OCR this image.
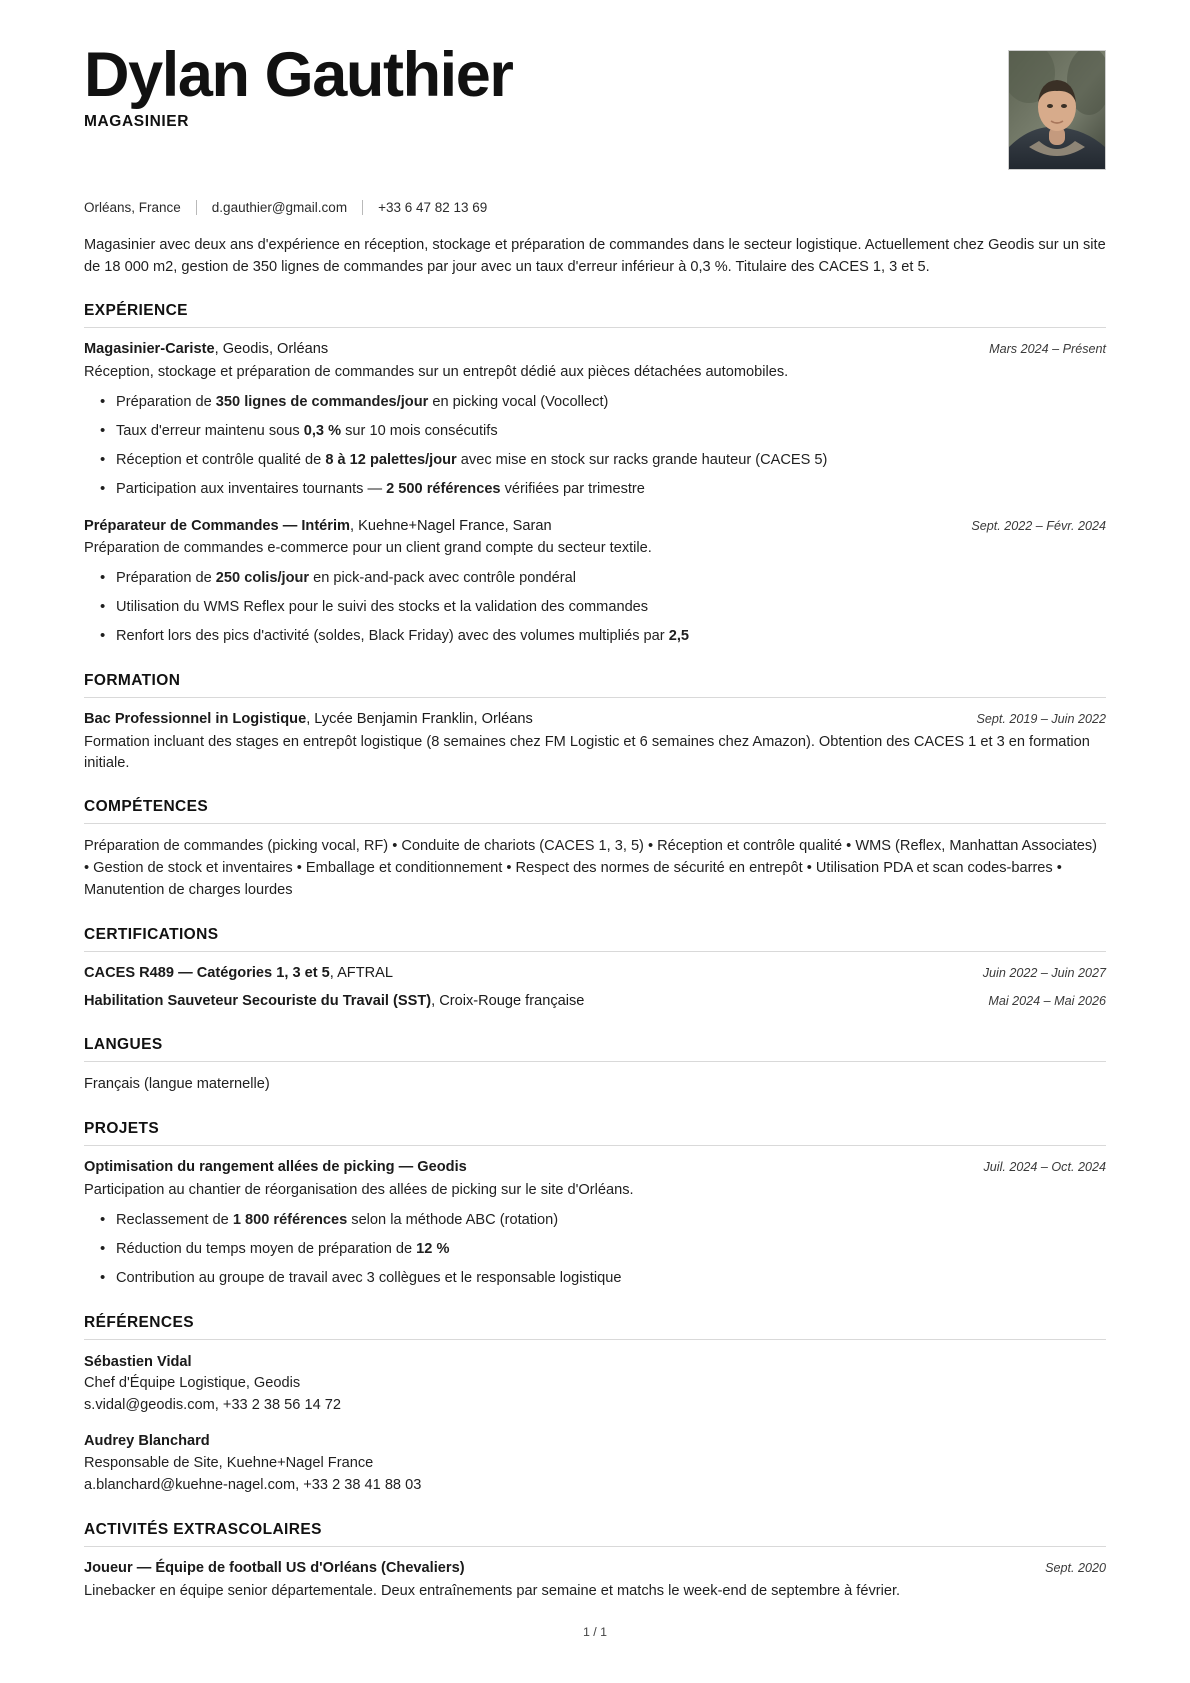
Dylan Gauthier
MAGASINIER
Orléans, France d.gauthier@gmail.com +33 6 47 82 13 69
Magasinier avec deux ans d'expérience en réception, stockage et préparation de commandes dans le secteur logistique. Actuellement chez Geodis sur un site de 18 000 m2, gestion de 350 lignes de commandes par jour avec un taux d'erreur inférieur à 0,3 %. Titulaire des CACES 1, 3 et 5.
EXPÉRIENCE
Magasinier-Cariste, Geodis, Orléans	Mars 2024 – Présent
Réception, stockage et préparation de commandes sur un entrepôt dédié aux pièces détachées automobiles.
• Préparation de 350 lignes de commandes/jour en picking vocal (Vocollect)
• Taux d'erreur maintenu sous 0,3 % sur 10 mois consécutifs
• Réception et contrôle qualité de 8 à 12 palettes/jour avec mise en stock sur racks grande hauteur (CACES 5)
• Participation aux inventaires tournants — 2 500 références vérifiées par trimestre
Préparateur de Commandes — Intérim, Kuehne+Nagel France, Saran	Sept. 2022 – Févr. 2024
Préparation de commandes e-commerce pour un client grand compte du secteur textile.
• Préparation de 250 colis/jour en pick-and-pack avec contrôle pondéral
• Utilisation du WMS Reflex pour le suivi des stocks et la validation des commandes
• Renfort lors des pics d'activité (soldes, Black Friday) avec des volumes multipliés par 2,5
FORMATION
Bac Professionnel in Logistique, Lycée Benjamin Franklin, Orléans	Sept. 2019 – Juin 2022
Formation incluant des stages en entrepôt logistique (8 semaines chez FM Logistic et 6 semaines chez Amazon). Obtention des CACES 1 et 3 en formation initiale.
COMPÉTENCES
Préparation de commandes (picking vocal, RF) • Conduite de chariots (CACES 1, 3, 5) • Réception et contrôle qualité • WMS (Reflex, Manhattan Associates) • Gestion de stock et inventaires • Emballage et conditionnement • Respect des normes de sécurité en entrepôt • Utilisation PDA et scan codes-barres • Manutention de charges lourdes
CERTIFICATIONS
CACES R489 — Catégories 1, 3 et 5, AFTRAL	Juin 2022 – Juin 2027
Habilitation Sauveteur Secouriste du Travail (SST), Croix-Rouge française	Mai 2024 – Mai 2026
LANGUES
Français (langue maternelle)
PROJETS
Optimisation du rangement allées de picking — Geodis	Juil. 2024 – Oct. 2024
Participation au chantier de réorganisation des allées de picking sur le site d'Orléans.
• Reclassement de 1 800 références selon la méthode ABC (rotation)
• Réduction du temps moyen de préparation de 12 %
• Contribution au groupe de travail avec 3 collègues et le responsable logistique
RÉFÉRENCES
Sébastien Vidal
Chef d'Équipe Logistique, Geodis
s.vidal@geodis.com, +33 2 38 56 14 72
Audrey Blanchard
Responsable de Site, Kuehne+Nagel France
a.blanchard@kuehne-nagel.com, +33 2 38 41 88 03
ACTIVITÉS EXTRASCOLAIRES
Joueur — Équipe de football US d'Orléans (Chevaliers)	Sept. 2020
Linebacker en équipe senior départementale. Deux entraînements par semaine et matchs le week-end de septembre à février.
1 / 1
